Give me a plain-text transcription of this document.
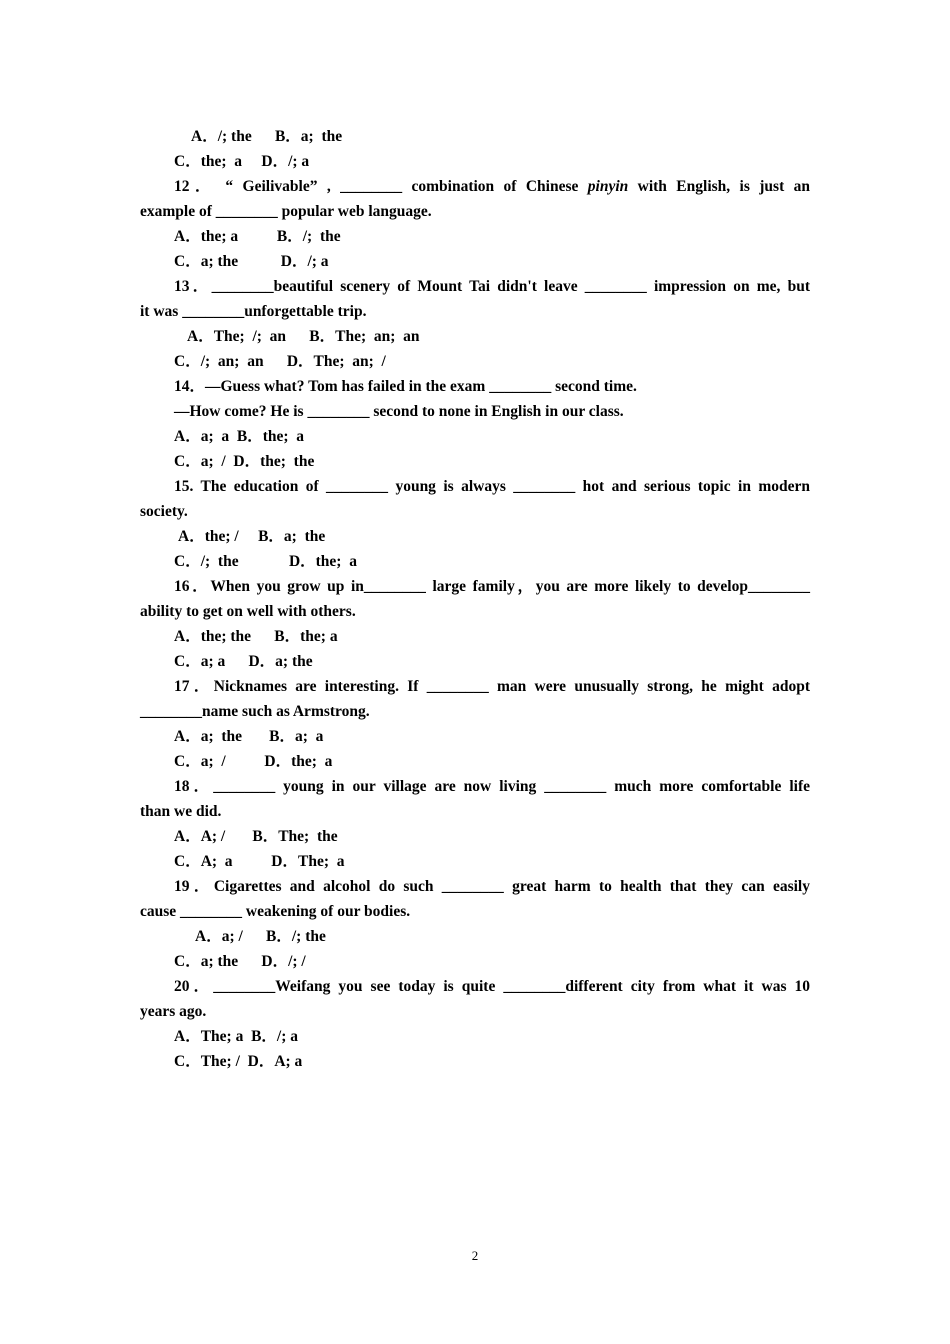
A．/; the      B．a;  the
C．the;  a     D．/; a
12． “ Geilivable” , ________ combination of Chinese pinyin with English, is just an
example of ________ popular web language.
A．the; a          B．/;  the
C．a; the           D．/; a
13．________beautiful scenery of Mount Tai didn't leave ________ impression on me, but
it was ________unforgettable trip.
A．The;  /;  an      B．The;  an;  an
C．/;  an;  an      D．The;  an;  /
14．—Guess what? Tom has failed in the exam ________ second time.
—How come? He is ________ second to none in English in our class.
A．a;  a  B．the;  a
C．a;  /  D．the;  the
15. The education of ________ young is always ________ hot and serious topic in modern
society.
A．the; /     B．a;  the
C．/;  the             D．the;  a
16．When you grow up in________ large family，you are more likely to develop________
ability to get on well with others.
A．the; the      B．the; a
C．a; a      D．a; the
17．Nicknames are interesting. If ________ man were unusually strong, he might adopt
________name such as Armstrong.
A．a;  the       B．a;  a
C．a;  /          D．the;  a
18．________ young in our village are now living ________ much more comfortable life
than we did.
A．A; /       B．The;  the
C．A;  a          D．The;  a
19．Cigarettes and alcohol do such ________ great harm to health that they can easily
cause ________ weakening of our bodies.
A．a; /      B．/; the
C．a; the      D．/; /
20．________Weifang you see today is quite ________different city from what it was 10
years ago.
A．The; a  B．/; a
C．The; /  D．A; a
2
